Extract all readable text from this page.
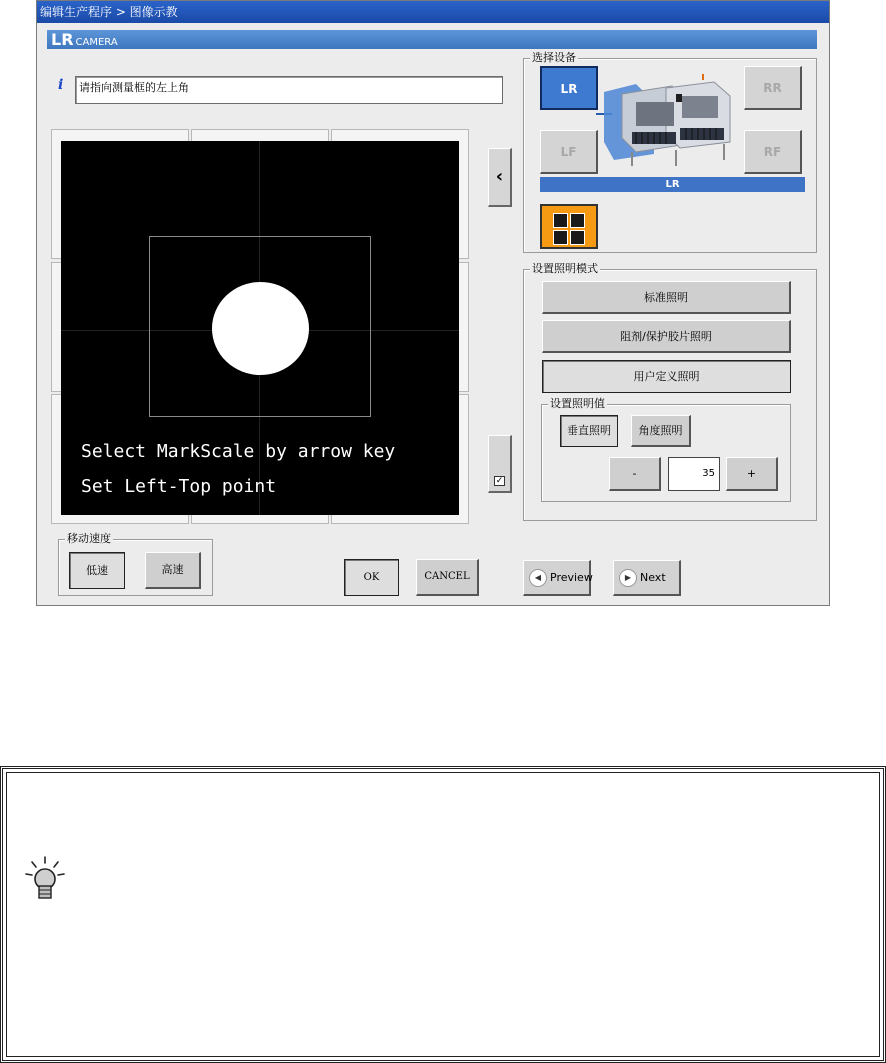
编辑生产程序 > 图像示教
LR CAMERA
i	请指向测量框的左上角
Select MarkScale by arrow key
Set Left-Top point
‹
✓
选择设备
LR	RR
LF	RF
LR
设置照明模式
标准照明
阻剂/保护胶片照明
用户定义照明
设置照明值
垂直照明	角度照明
-	35	+
移动速度
低速	高速
OK	CANCEL	◀ Preview	▶ Next
